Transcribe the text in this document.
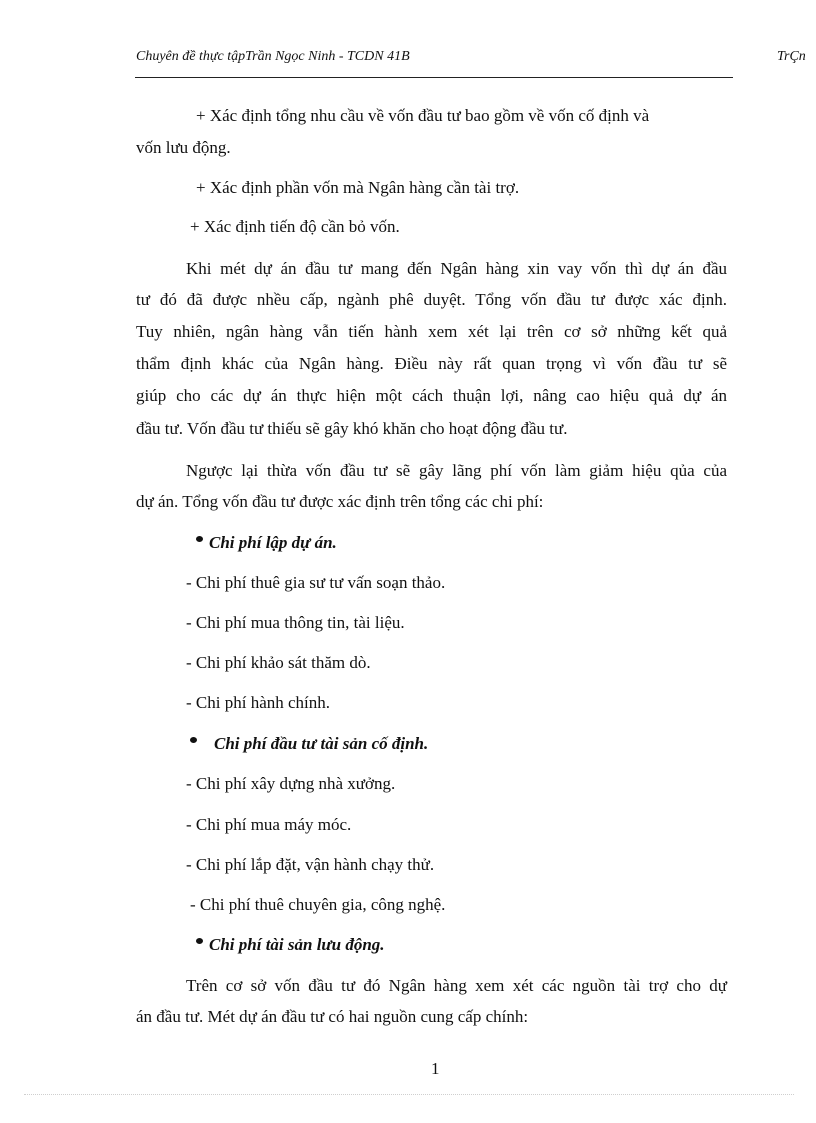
Chuyên đề thực tậpTrần Ngọc Ninh - TCDN 41B	TrÇn
+ Xác định tổng nhu cầu về vốn đầu tư bao gồm về vốn cố định và
vốn lưu động.
+ Xác định phần vốn mà Ngân hàng cần tài trợ.
+ Xác định tiến độ cần bỏ vốn.
Khi mét dự án đầu tư mang đến Ngân hàng xin vay vốn thì dự án đầu
tư đó đã được nhều cấp, ngành phê duyệt. Tổng vốn đầu tư được xác định.
Tuy nhiên, ngân hàng vẫn tiến hành xem xét lại trên cơ sở những kết quả
thẩm định khác của Ngân hàng. Điều này rất quan trọng vì vốn đầu tư sẽ
giúp cho các dự án thực hiện một cách thuận lợi, nâng cao hiệu quả dự án
đầu tư. Vốn đầu tư thiếu sẽ gây khó khăn cho hoạt động đầu tư.
Ngược lại thừa vốn đầu tư sẽ gây lãng phí vốn làm giảm hiệu qủa của
dự án. Tổng vốn đầu tư được xác định trên tổng các chi phí:
Chi phí lập dự án.
- Chi phí thuê gia sư tư vấn soạn thảo.
- Chi phí mua thông tin, tài liệu.
- Chi phí khảo sát thăm dò.
- Chi phí hành chính.
Chi phí đầu tư tài sản cố định.
- Chi phí xây dựng nhà xưởng.
- Chi phí mua máy móc.
- Chi phí lắp đặt, vận hành chạy thử.
- Chi phí thuê chuyên gia, công nghệ.
Chi phí tài sản lưu động.
Trên cơ sở vốn đầu tư đó Ngân hàng xem xét các nguồn tài trợ cho dự
án đầu tư. Mét dự án đầu tư có hai nguồn cung cấp chính:
1
